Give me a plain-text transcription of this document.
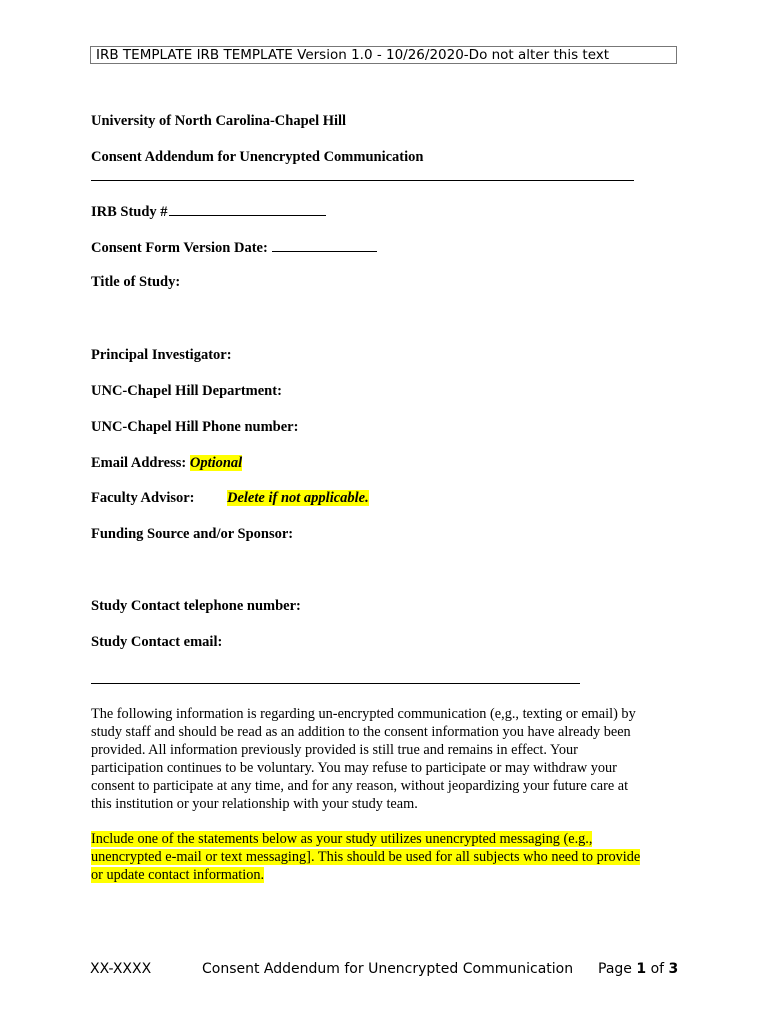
IRB TEMPLATE IRB TEMPLATE Version 1.0 - 10/26/2020-Do not alter this text
University of North Carolina-Chapel Hill
Consent Addendum for Unencrypted Communication
IRB Study #
Consent Form Version Date:
Title of Study:
Principal Investigator:
UNC-Chapel Hill Department:
UNC-Chapel Hill Phone number:
Email Address: Optional
Faculty Advisor: Delete if not applicable.
Funding Source and/or Sponsor:
Study Contact telephone number:
Study Contact email:

The following information is regarding un-encrypted communication (e,g., texting or email) by

study staff and should be read as an addition to the consent information you have already been

provided. All information previously provided is still true and remains in effect. Your

participation continues to be voluntary. You may refuse to participate or may withdraw your

consent to participate at any time, and for any reason, without jeopardizing your future care at

this institution or your relationship with your study team.

Include one of the statements below as your study utilizes unencrypted messaging (e.g.,

unencrypted e-mail or text messaging]. This should be used for all subjects who need to provide

or update contact information.

XX-XXXX	Consent Addendum for Unencrypted Communication Page 1 of 3
